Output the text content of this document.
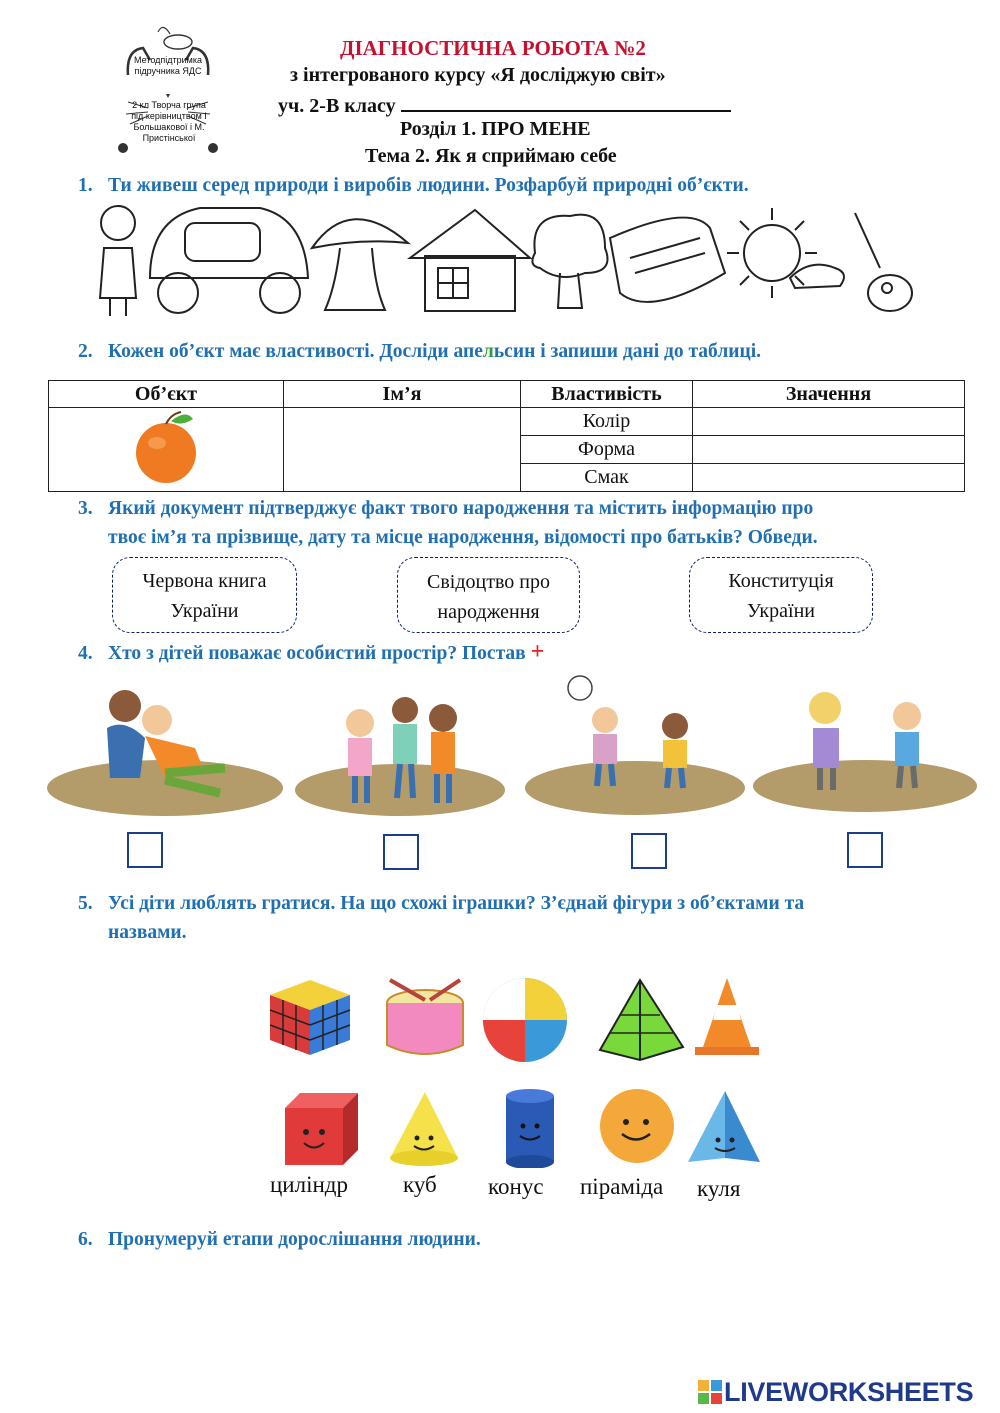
Методпідтримка підручника ЯДС
2 кл Творча група під керівництвом І Большакової і М. Пристінської
ДІАГНОСТИЧНА РОБОТА №2
з інтегрованого курсу «Я досліджую світ»
уч. 2-В класу
Розділ 1. ПРО МЕНЕ
Тема 2. Як я сприймаю себе
1. Ти живеш серед природи і виробів людини. Розфарбуй природні об’єкти.
2. Кожен об’єкт має властивості. Досліди апельсин і запиши дані до таблиці.
Об’єкт	Ім’я	Властивість	Значення
		Колір	
		Форма	
		Смак	
3. Який документ підтверджує факт твого народження та містить інформацію про
твоє ім’я та прізвище, дату та місце народження, відомості про батьків? Обведи.
Червона книга
України
Свідоцтво про
народження
Конституція
України
4. Хто з дітей поважає особистий простір? Постав +
5. Усі діти люблять гратися. На що схожі іграшки? З’єднай фігури з об’єктами та
назвами.
циліндр куб конус піраміда куля
6. Пронумеруй етапи дорослішання людини.
LIVEWORKSHEETS
